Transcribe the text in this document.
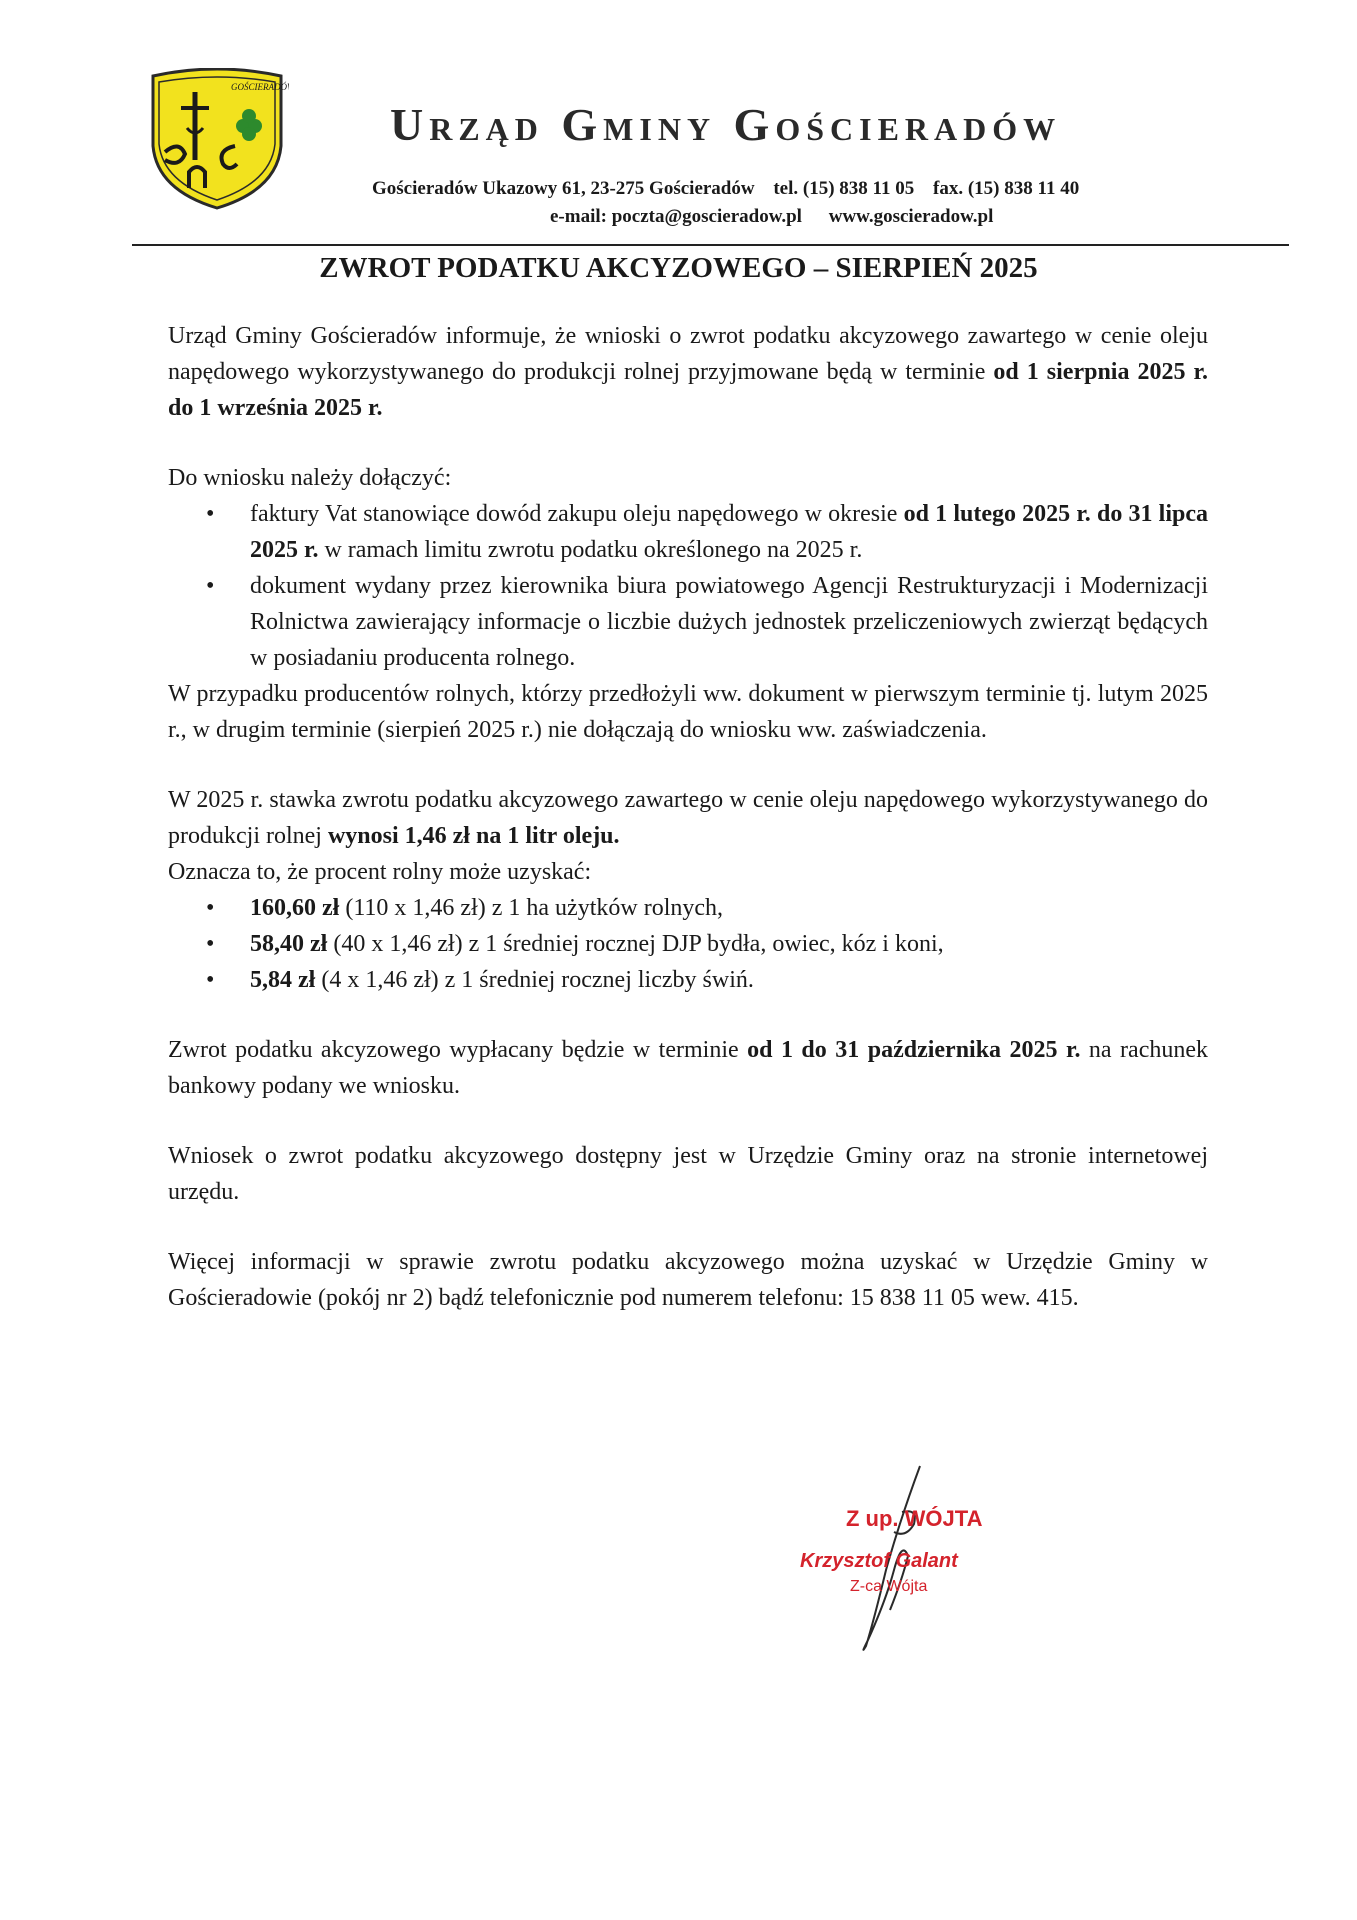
GOŚCIERADÓW
Urząd Gminy Gościeradów
Gościeradów Ukazowy 61, 23-275 Gościeradów tel. (15) 838 11 05 fax. (15) 838 11 40
e-mail: poczta@goscieradow.pl www.goscieradow.pl
ZWROT PODATKU AKCYZOWEGO – SIERPIEŃ 2025

Urząd Gminy Gościeradów informuje, że wnioski o zwrot podatku akcyzowego zawartego w cenie oleju napędowego wykorzystywanego do produkcji rolnej przyjmowane będą w terminie od 1 sierpnia 2025 r. do 1 września 2025 r.

Do wniosku należy dołączyć:

• faktury Vat stanowiące dowód zakupu oleju napędowego w okresie od 1 lutego 2025 r. do 31 lipca 2025 r. w ramach limitu zwrotu podatku określonego na 2025 r.
• dokument wydany przez kierownika biura powiatowego Agencji Restrukturyzacji i Modernizacji Rolnictwa zawierający informacje o liczbie dużych jednostek przeliczeniowych zwierząt będących w posiadaniu producenta rolnego.

W przypadku producentów rolnych, którzy przedłożyli ww. dokument w pierwszym terminie tj. lutym 2025 r., w drugim terminie (sierpień 2025 r.) nie dołączają do wniosku ww. zaświadczenia.

W 2025 r. stawka zwrotu podatku akcyzowego zawartego w cenie oleju napędowego wykorzystywanego do produkcji rolnej wynosi 1,46 zł na 1 litr oleju.

Oznacza to, że procent rolny może uzyskać:

• 160,60 zł (110 x 1,46 zł) z 1 ha użytków rolnych,
• 58,40 zł (40 x 1,46 zł) z 1 średniej rocznej DJP bydła, owiec, kóz i koni,
• 5,84 zł (4 x 1,46 zł) z 1 średniej rocznej liczby świń.

Zwrot podatku akcyzowego wypłacany będzie w terminie od 1 do 31 października 2025 r. na rachunek bankowy podany we wniosku.

Wniosek o zwrot podatku akcyzowego dostępny jest w Urzędzie Gminy oraz na stronie internetowej urzędu.

Więcej informacji w sprawie zwrotu podatku akcyzowego można uzyskać w Urzędzie Gminy w Gościeradowie (pokój nr 2) bądź telefonicznie pod numerem telefonu: 15 838 11 05 wew. 415.

Z up. WÓJTA
Krzysztof Galant
Z-ca Wójta
